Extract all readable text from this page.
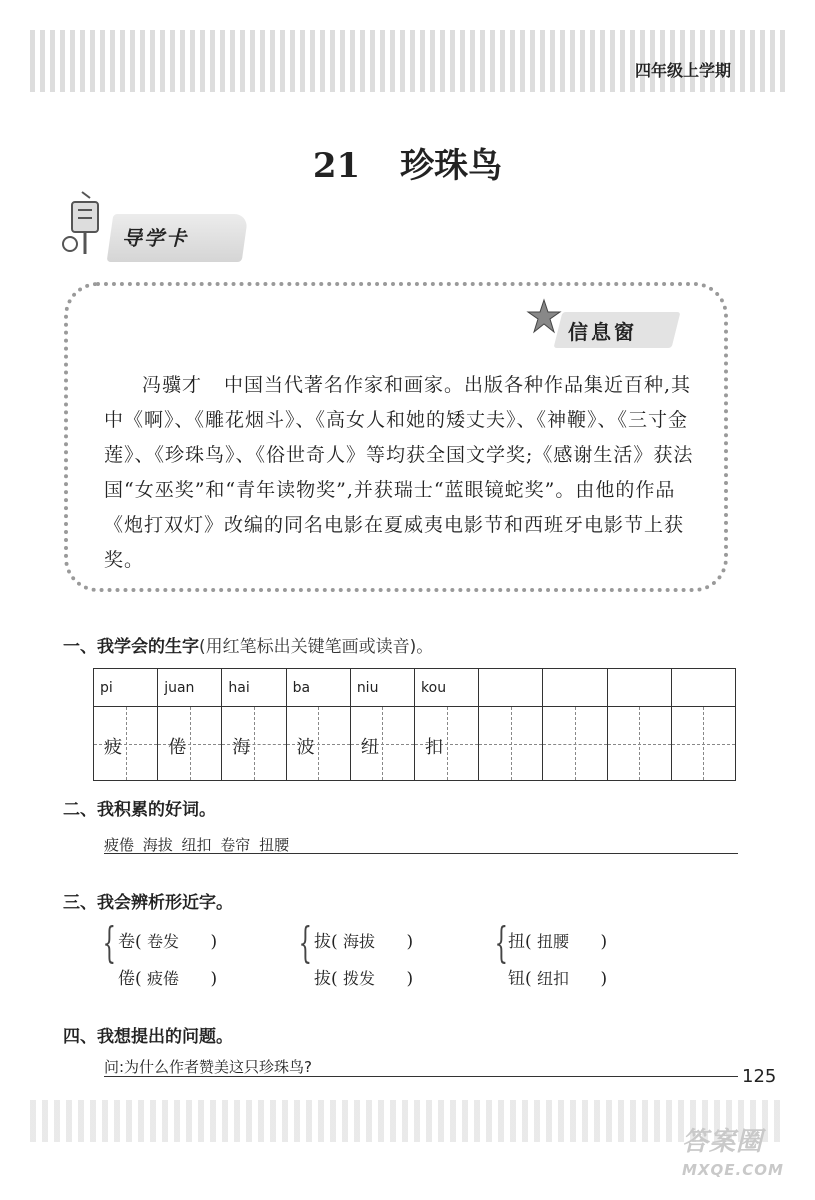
四年级上学期
21 珍珠鸟
导学卡
信息窗
冯骥才 中国当代著名作家和画家。出版各种作品集近百种,其中《啊》、《雕花烟斗》、《高女人和她的矮丈夫》、《神鞭》、《三寸金莲》、《珍珠鸟》、《俗世奇人》等均获全国文学奖;《感谢生活》获法国“女巫奖”和“青年读物奖”,并获瑞士“蓝眼镜蛇奖”。由他的作品《炮打双灯》改编的同名电影在夏威夷电影节和西班牙电影节上获奖。
一、我学会的生字(用红笔标出关键笔画或读音)。
pi
疲
juan
倦
hai
海
ba
波
niu
纽
kou
扣
二、我积累的好词。
疲倦 海拔 纽扣 卷帘 扭腰
三、我会辨析形近字。
{ 卷( 卷发 )
倦( 疲倦 )
{ 拔( 海拔 )
拔( 拨发 )
{ 扭( 扭腰 )
钮( 纽扣 )
四、我想提出的问题。
问:为什么作者赞美这只珍珠鸟?	125
答案圈
MXQE.COM
